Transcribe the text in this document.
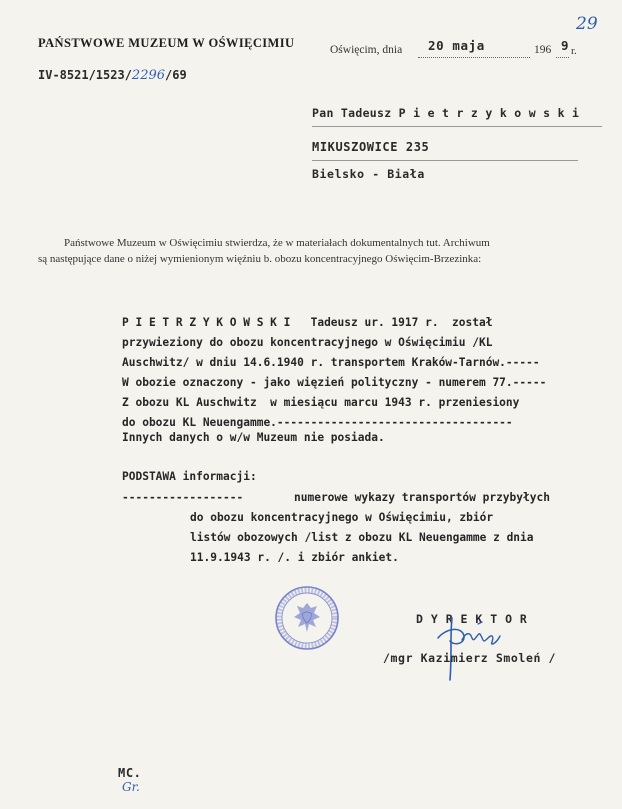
29
PAŃSTWOWE MUZEUM W OŚWIĘCIMIU
IV-8521/1523/2296/69
Oświęcim, dnia 20 maja	196 9 r.
Pan Tadeusz P i e t r z y k o w s k i
MIKUSZOWICE 235
Bielsko - Biała
Państwowe Muzeum w Oświęcimiu stwierdza, że w materiałach dokumentalnych tut. Archiwum
są następujące dane o niżej wymienionym więźniu b. obozu koncentracyjnego Oświęcim-Brzezinka:

P I E T R Z Y K O W S K I   Tadeusz ur. 1917 r.  został
przywieziony do obozu koncentracyjnego w Oświęcimiu /KL
Auschwitz/ w dniu 14.6.1940 r. transportem Kraków-Tarnów.-----
W obozie oznaczony - jako więzień polityczny - numerem 77.-----
Z obozu KL Auschwitz  w miesiącu marcu 1943 r. przeniesiony
do obozu KL Neuengamme.-----------------------------------

Innych danych o w/w Muzeum nie posiada.
PODSTAWA informacji:
------------------	numerowe wykazy transportów przybyłych
do obozu koncentracyjnego w Oświęcimiu, zbiór
listów obozowych /list z obozu KL Neuengamme z dnia
11.9.1943 r. /. i zbiór ankiet.
D Y R E K T O R
/mgr Kazimierz Smoleń /
MC.
Gr.
